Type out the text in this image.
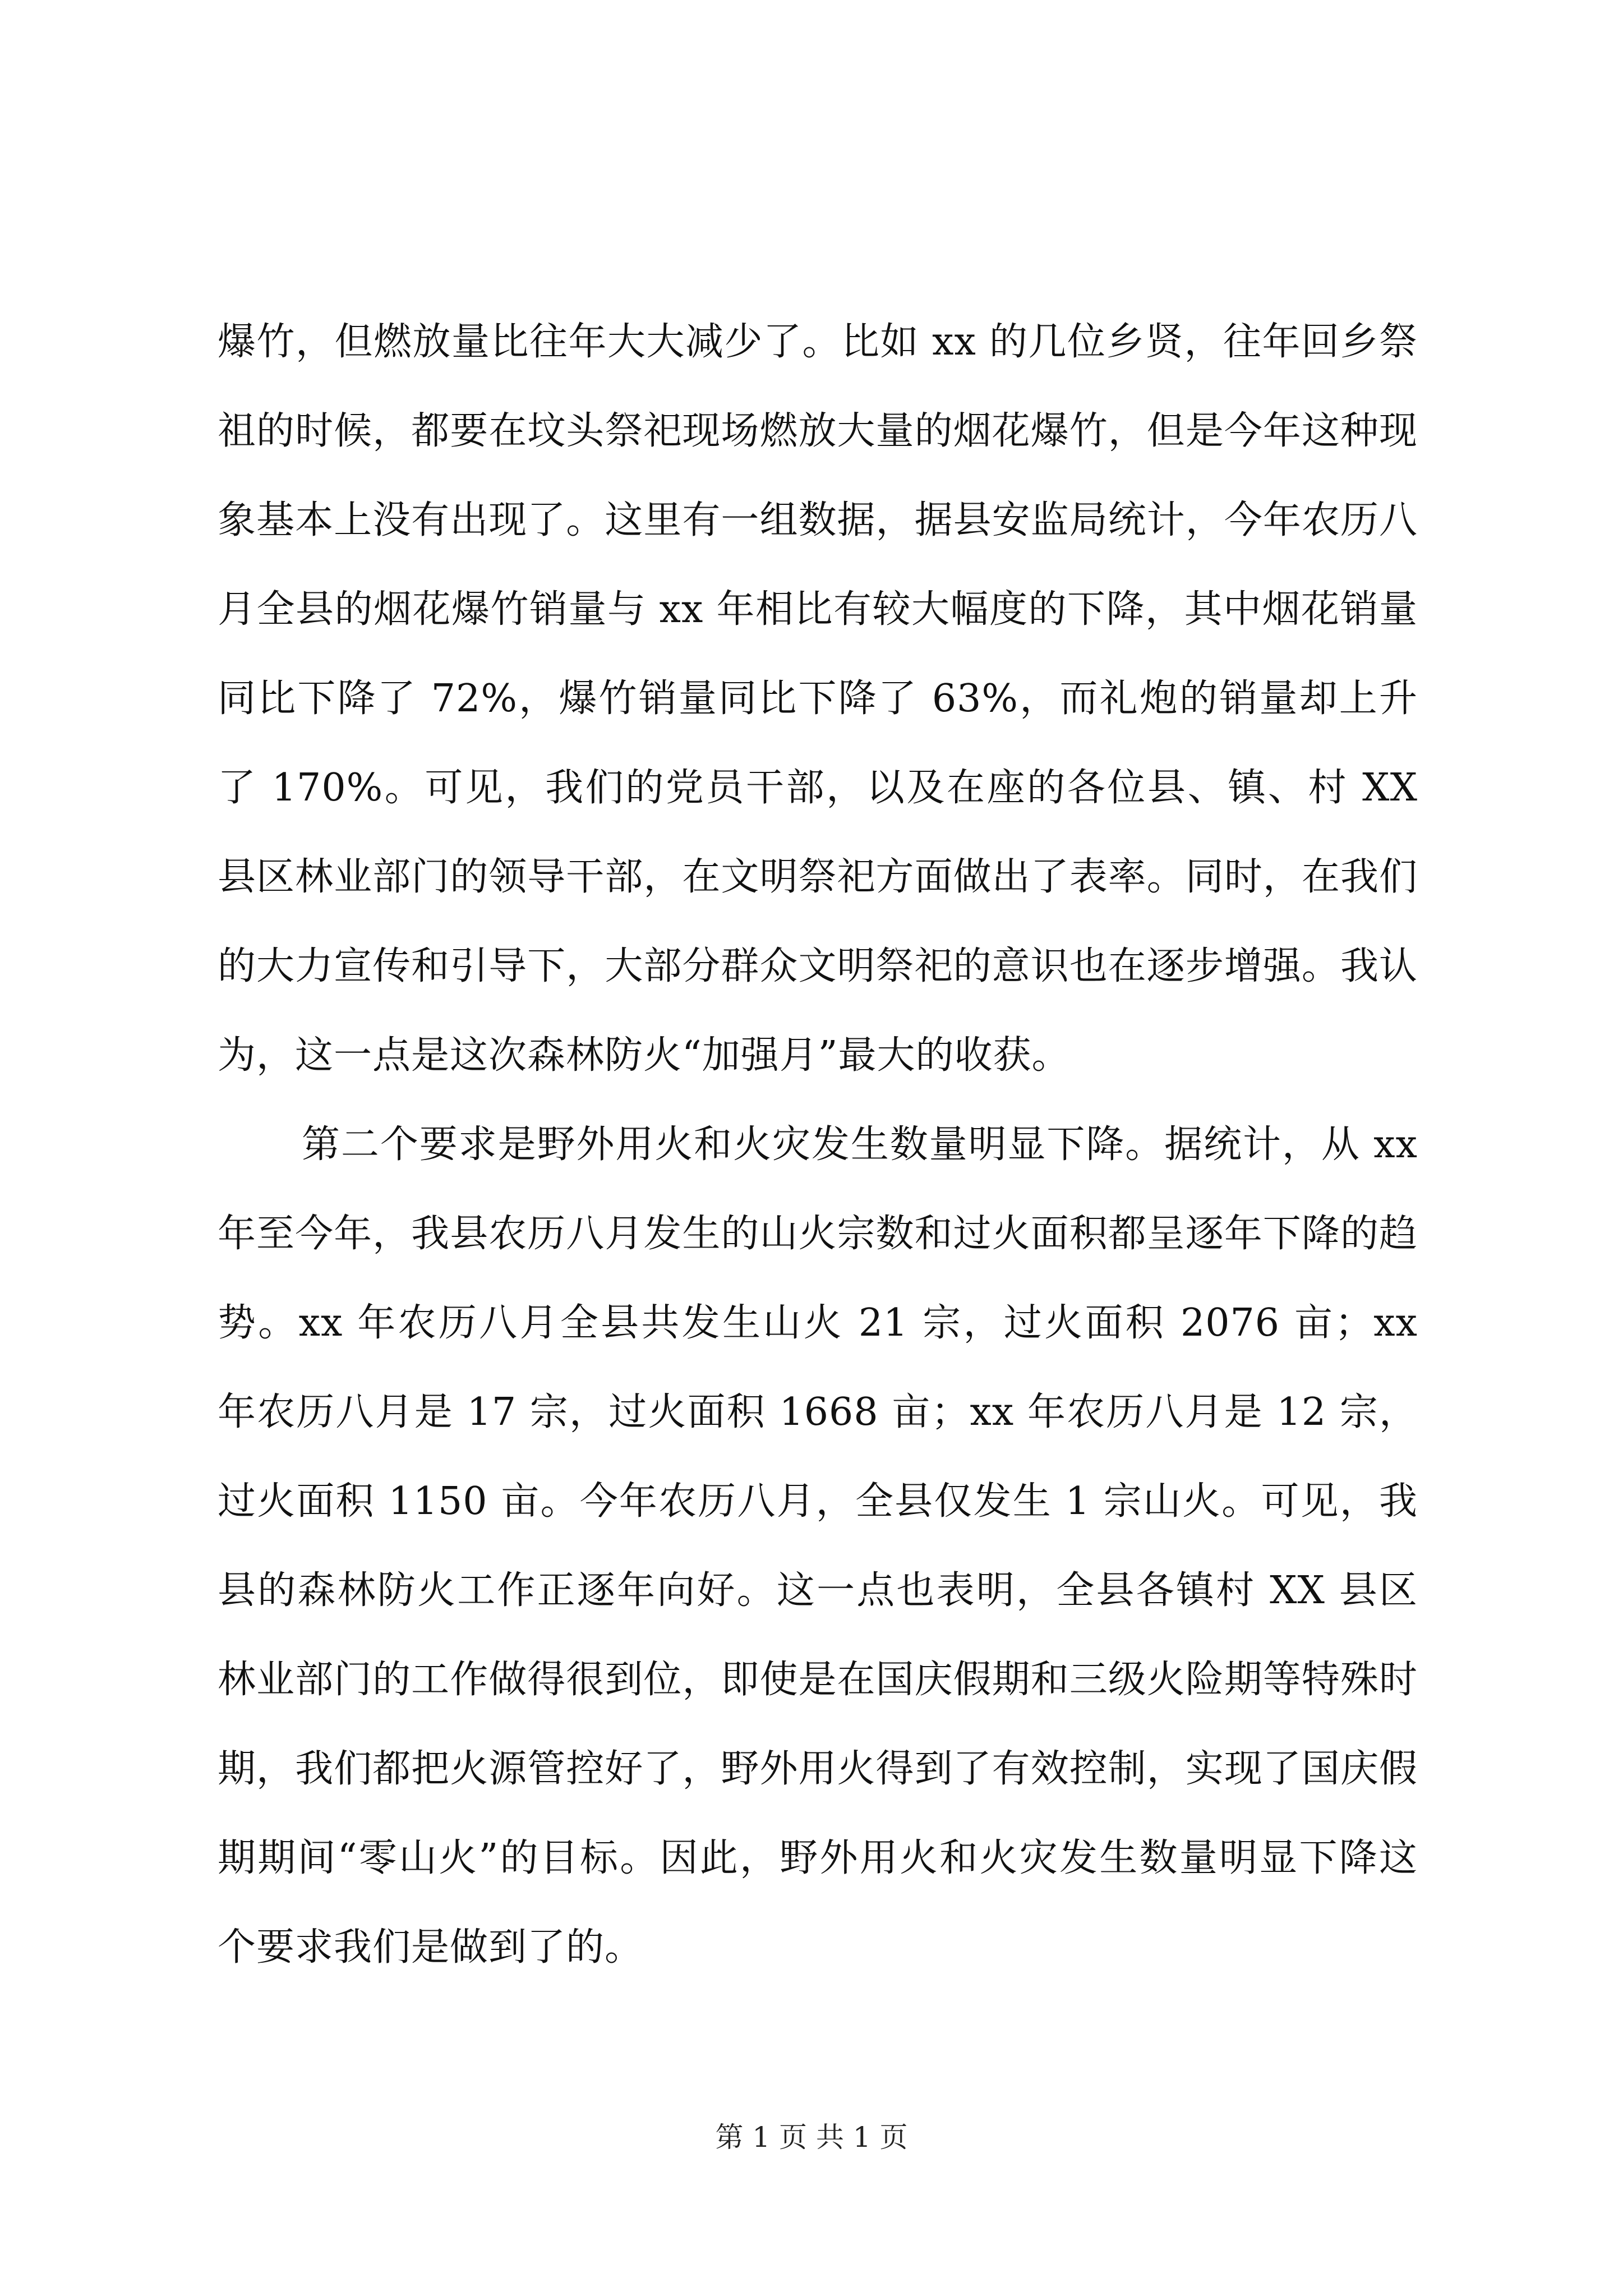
爆竹，但燃放量比往年大大减少了。比如 xx 的几位乡贤，往年回乡祭祖的时候，都要在坟头祭祀现场燃放大量的烟花爆竹，但是今年这种现象基本上没有出现了。这里有一组数据，据县安监局统计，今年农历八月全县的烟花爆竹销量与 xx 年相比有较大幅度的下降，其中烟花销量同比下降了 72%，爆竹销量同比下降了 63%，而礼炮的销量却上升了 170%。可见，我们的党员干部，以及在座的各位县、镇、村 XX 县区林业部门的领导干部，在文明祭祀方面做出了表率。同时，在我们的大力宣传和引导下，大部分群众文明祭祀的意识也在逐步增强。我认为，这一点是这次森林防火“加强月”最大的收获。

第二个要求是野外用火和火灾发生数量明显下降。据统计，从 xx 年至今年，我县农历八月发生的山火宗数和过火面积都呈逐年下降的趋势。xx 年农历八月全县共发生山火 21 宗，过火面积 2076 亩；xx 年农历八月是 17 宗，过火面积 1668 亩；xx 年农历八月是 12 宗，过火面积 1150 亩。今年农历八月，全县仅发生 1 宗山火。可见，我县的森林防火工作正逐年向好。这一点也表明，全县各镇村 XX 县区林业部门的工作做得很到位，即使是在国庆假期和三级火险期等特殊时期，我们都把火源管控好了，野外用火得到了有效控制，实现了国庆假期期间“零山火”的目标。因此，野外用火和火灾发生数量明显下降这个要求我们是做到了的。

第 1 页 共 1 页
